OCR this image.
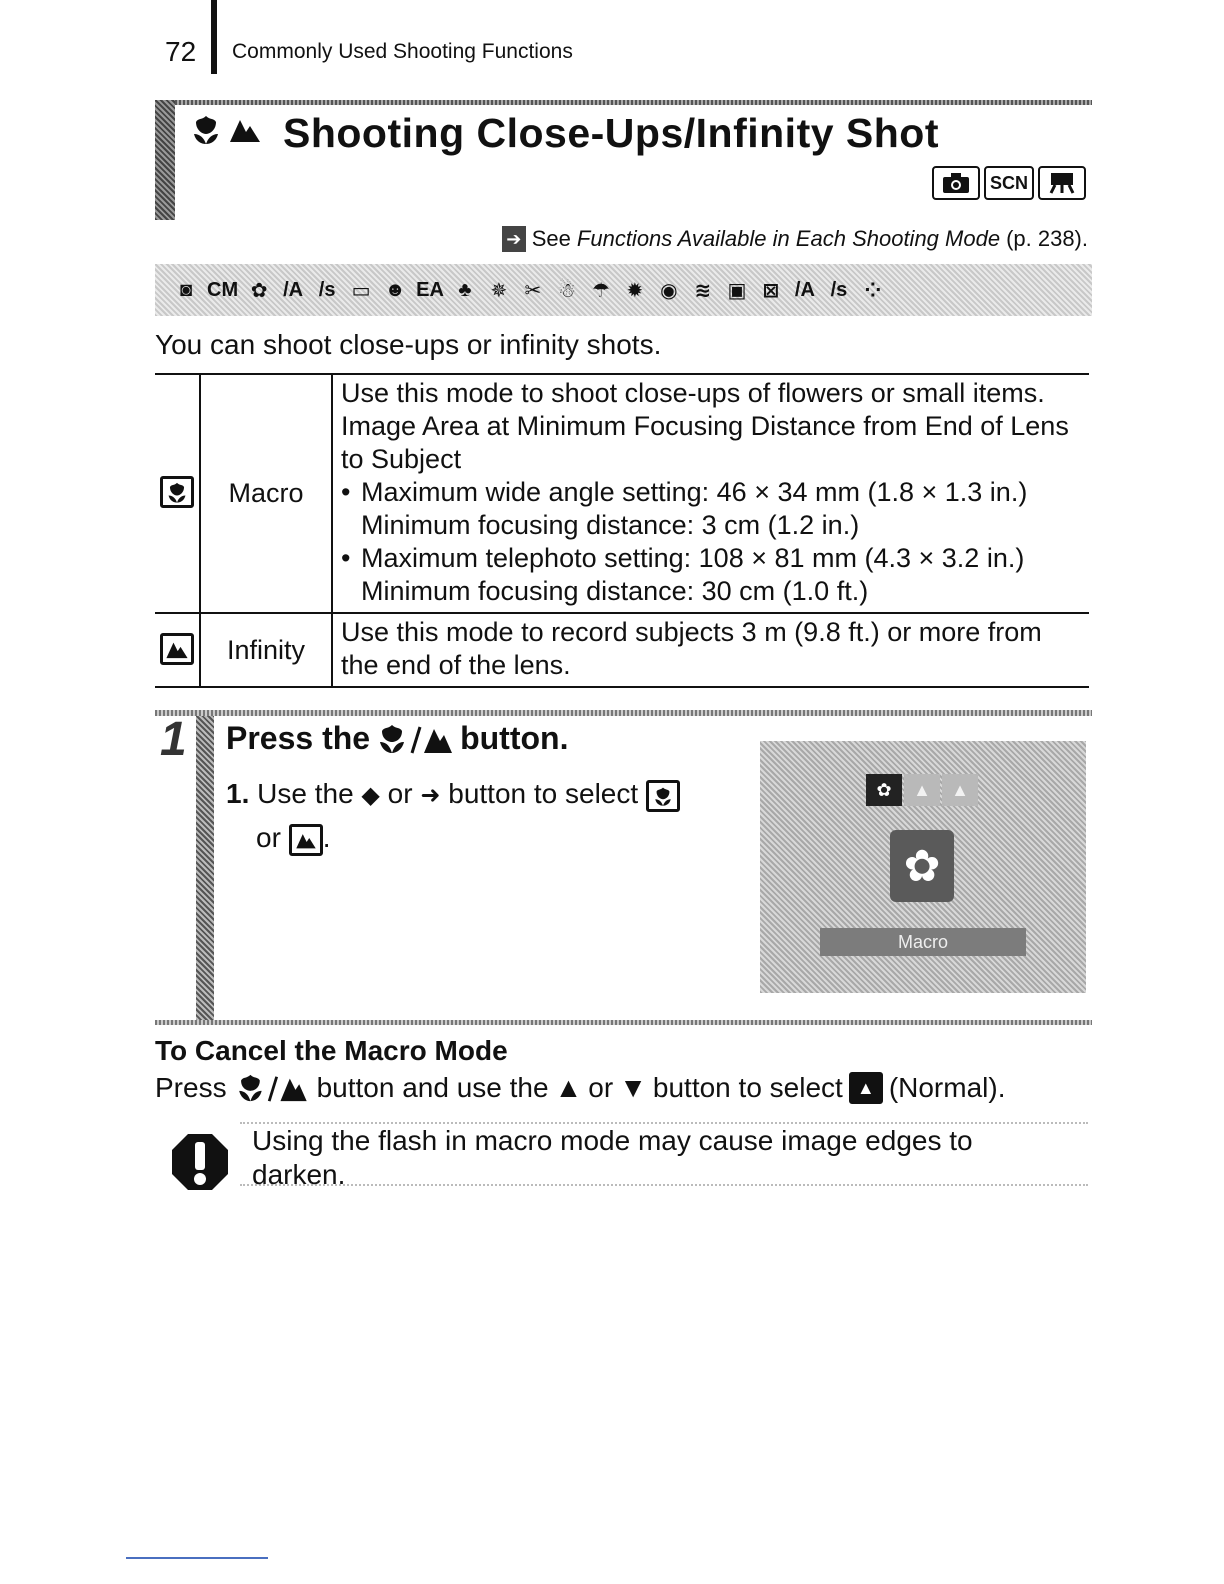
72 Commonly Used Shooting Functions
Shooting Close-Ups/Infinity Shot
SCN
➔ See Functions Available in Each Shooting Mode (p. 238).
◙ CM ✿ /A /s ▭ ☻ EA ♣ ✵ ✂ ☃ ☂ ✹ ◉ ≋ ▣ ⊠ /A /s ⁘
You can shoot close-ups or infinity shots.
	Macro	Use this mode to shoot close-ups of flowers or small items. Image Area at Minimum Focusing Distance from End of Lens to Subject
• Maximum wide angle setting: 46 × 34 mm (1.8 × 1.3 in.) Minimum focusing distance: 3 cm (1.2 in.)
• Maximum telephoto setting: 108 × 81 mm (4.3 × 3.2 in.) Minimum focusing distance: 30 cm (1.0 ft.)

	Infinity	Use this mode to record subjects 3 m (9.8 ft.) or more from the end of the lens.
1 Press the	button.
1. Use the ◆ or ➜ button to select

or .
✿	▲	▲
✿
Macro
To Cancel the Macro Mode
Press	button and use the ▲ or ▼ button to select ▲ (Normal).
Using the flash in macro mode may cause image edges to darken.
